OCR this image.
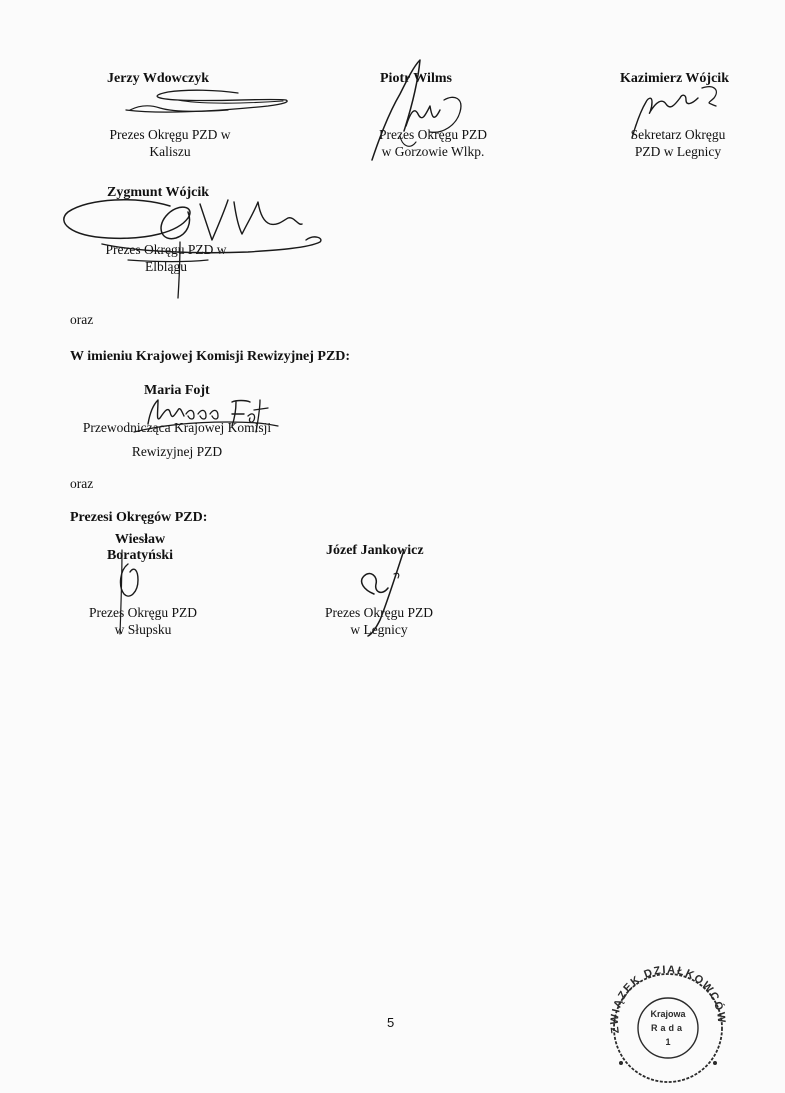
Jerzy Wdowczyk
Prezes Okręgu PZD w
Kaliszu
Piotr Wilms
Prezes Okręgu PZD
w Gorzowie Wlkp.
Kazimierz Wójcik
Sekretarz Okręgu
PZD w Legnicy
Zygmunt Wójcik
Prezes Okręgu PZD w
Elblągu
oraz
W imieniu Krajowej Komisji Rewizyjnej PZD:
Maria Fojt
Przewodnicząca Krajowej Komisji
Rewizyjnej PZD
oraz
Prezesi Okręgów PZD:
Wiesław
Boratyński
Prezes Okręgu PZD
w Słupsku
Józef Jankowicz
Prezes Okręgu PZD
w Legnicy
5	ZWIĄZEK DZIAŁKOWCÓW
Krajowa
Rada
1
